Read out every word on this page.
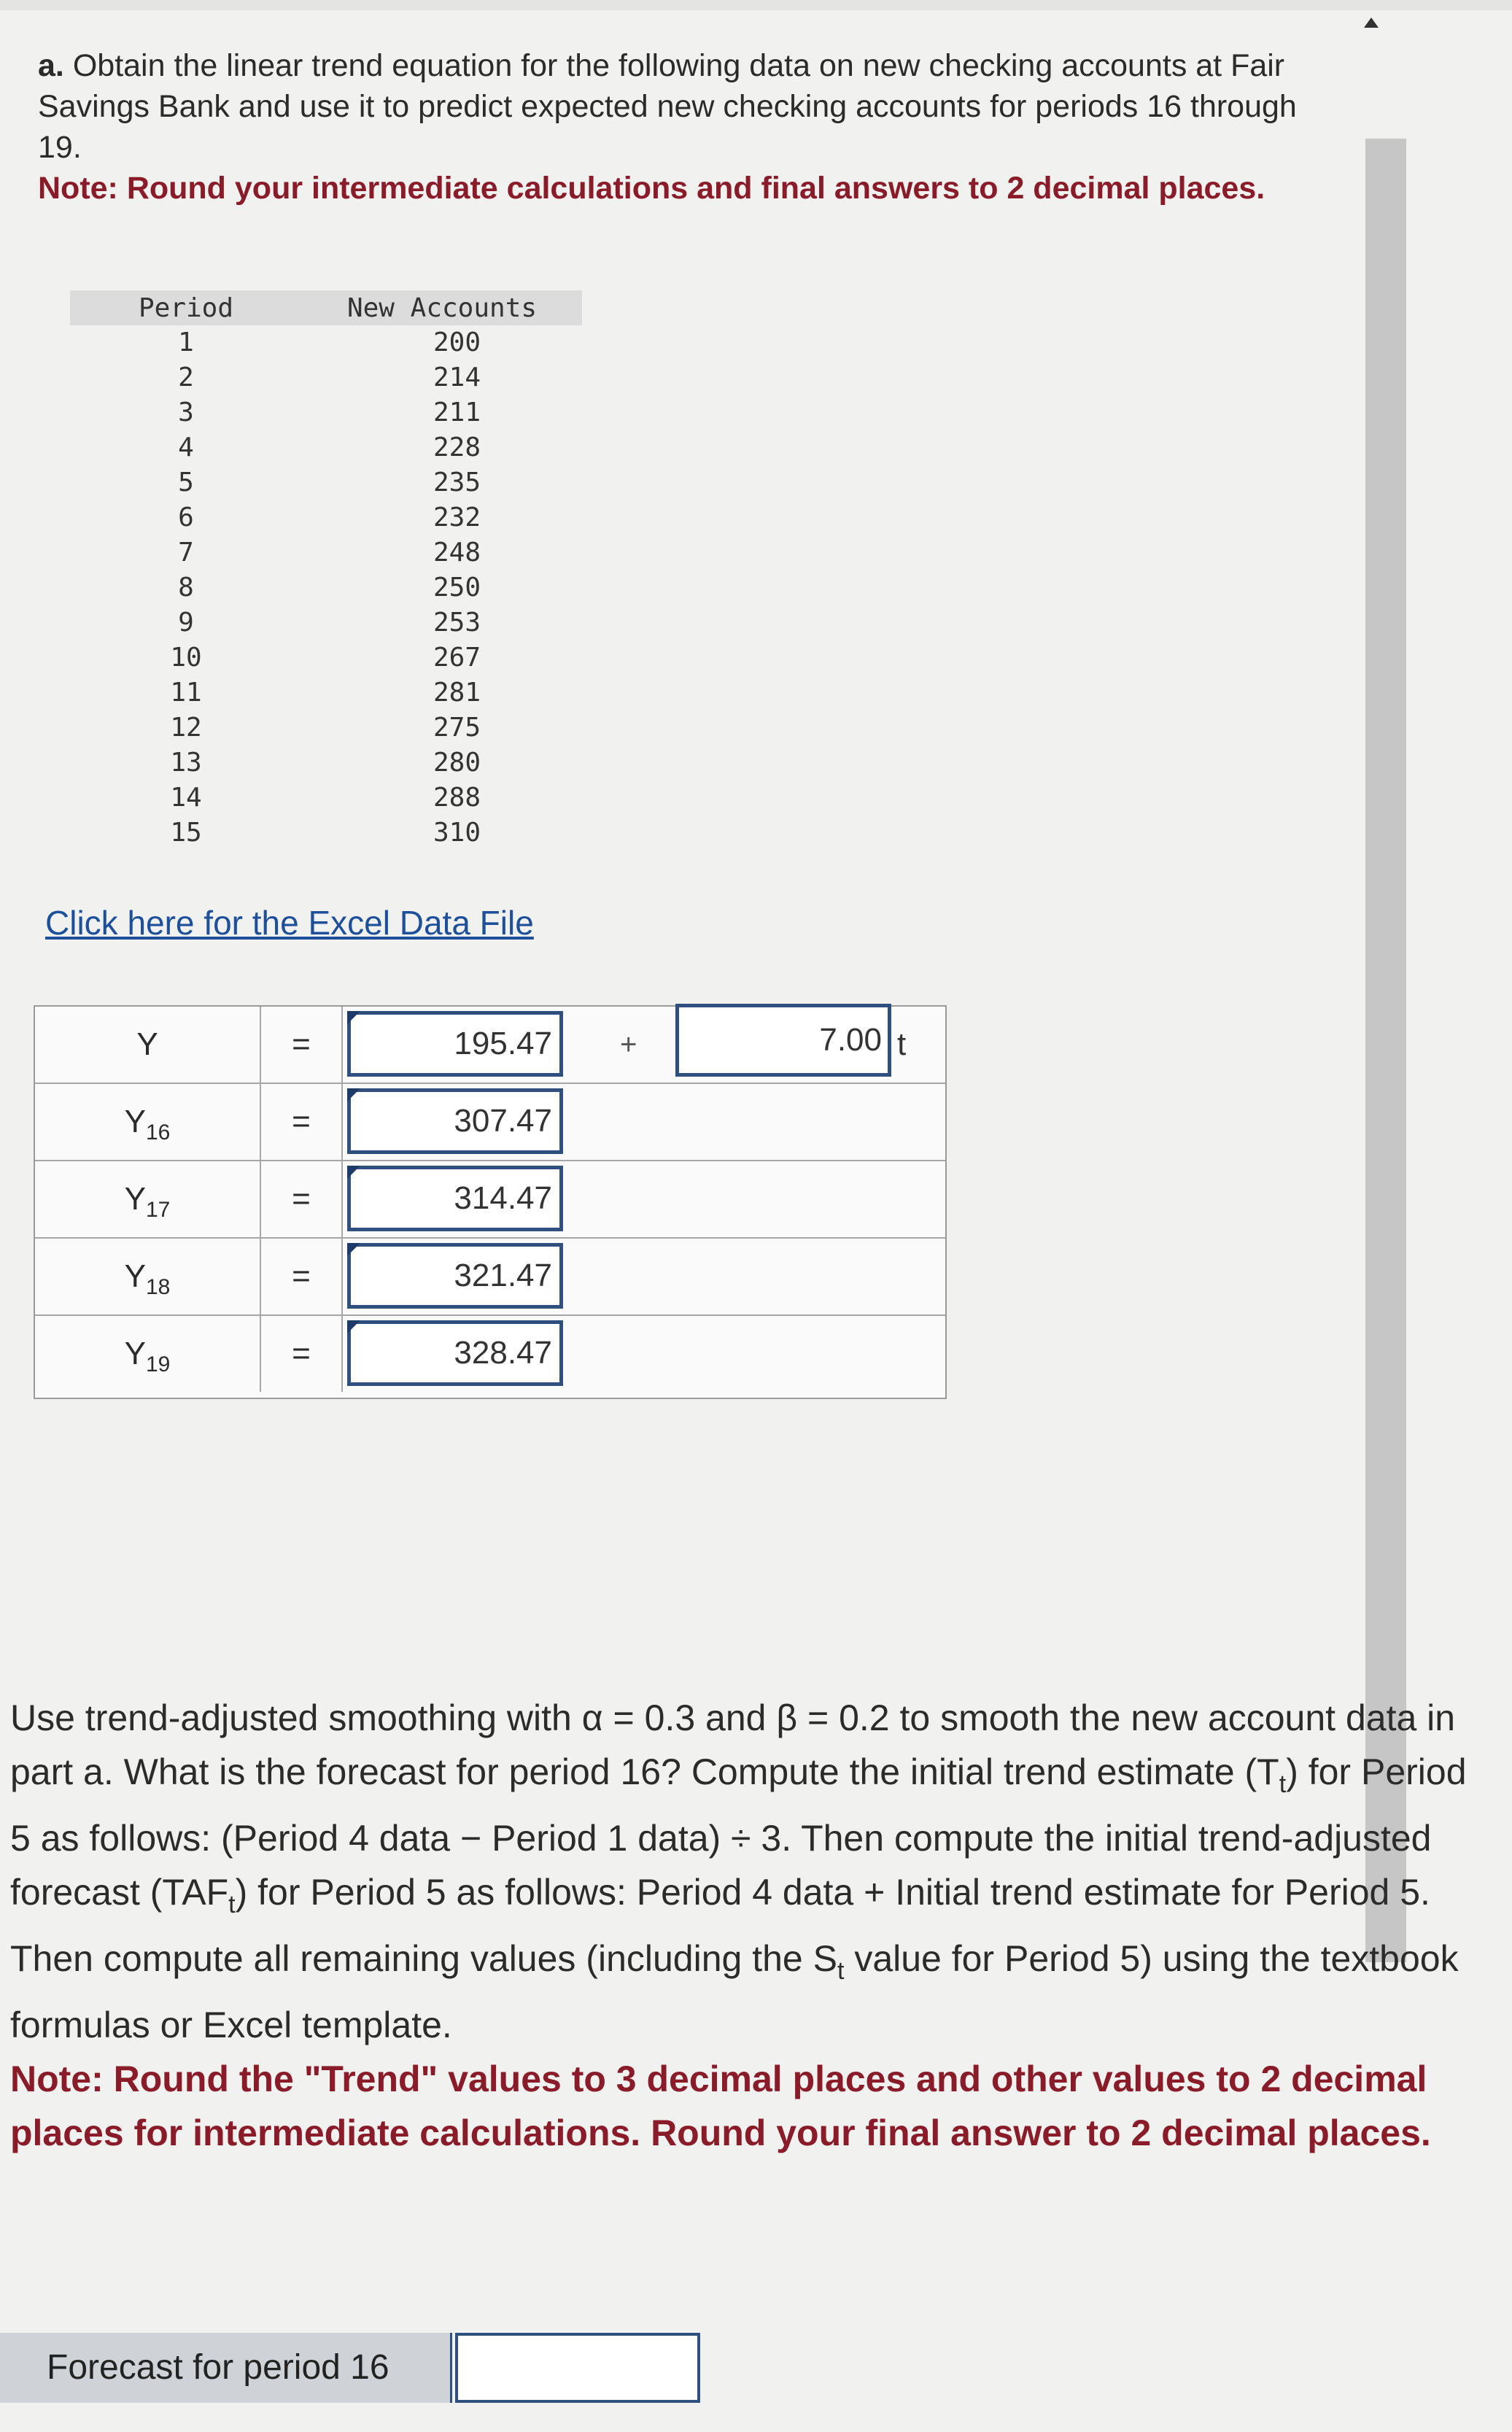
a. Obtain the linear trend equation for the following data on new checking accounts at Fair Savings Bank and use it to predict expected new checking accounts for periods 16 through 19.

Note: Round your intermediate calculations and final answers to 2 decimal places.

Period	New Accounts
1	200
2	214
3	211
4	228
5	235
6	232
7	248
8	250
9	253
10	267
11	281
12	275
13	280
14	288
15	310
Click here for the Excel Data File
Y	=	195.47	+	7.00 t
$Y_{16}$	=	307.47
$Y_{17}$	=	314.47
$Y_{18}$	=	321.47
$Y_{19}$	=	328.47

Use trend-adjusted smoothing with α = 0.3 and β = 0.2 to smooth the new account data in part a. What is the forecast for period 16? Compute the initial trend estimate $(T_t)$ for Period 5 as follows: (Period 4 data − Period 1 data) ÷ 3. Then compute the initial trend-adjusted forecast $(TAF_t)$ for Period 5 as follows: Period 4 data + Initial trend estimate for Period 5. Then compute all remaining values (including the $S_t$ value for Period 5) using the textbook formulas or Excel template.

Note: Round the "Trend" values to 3 decimal places and other values to 2 decimal places for intermediate calculations. Round your final answer to 2 decimal places.

Forecast for period 16
